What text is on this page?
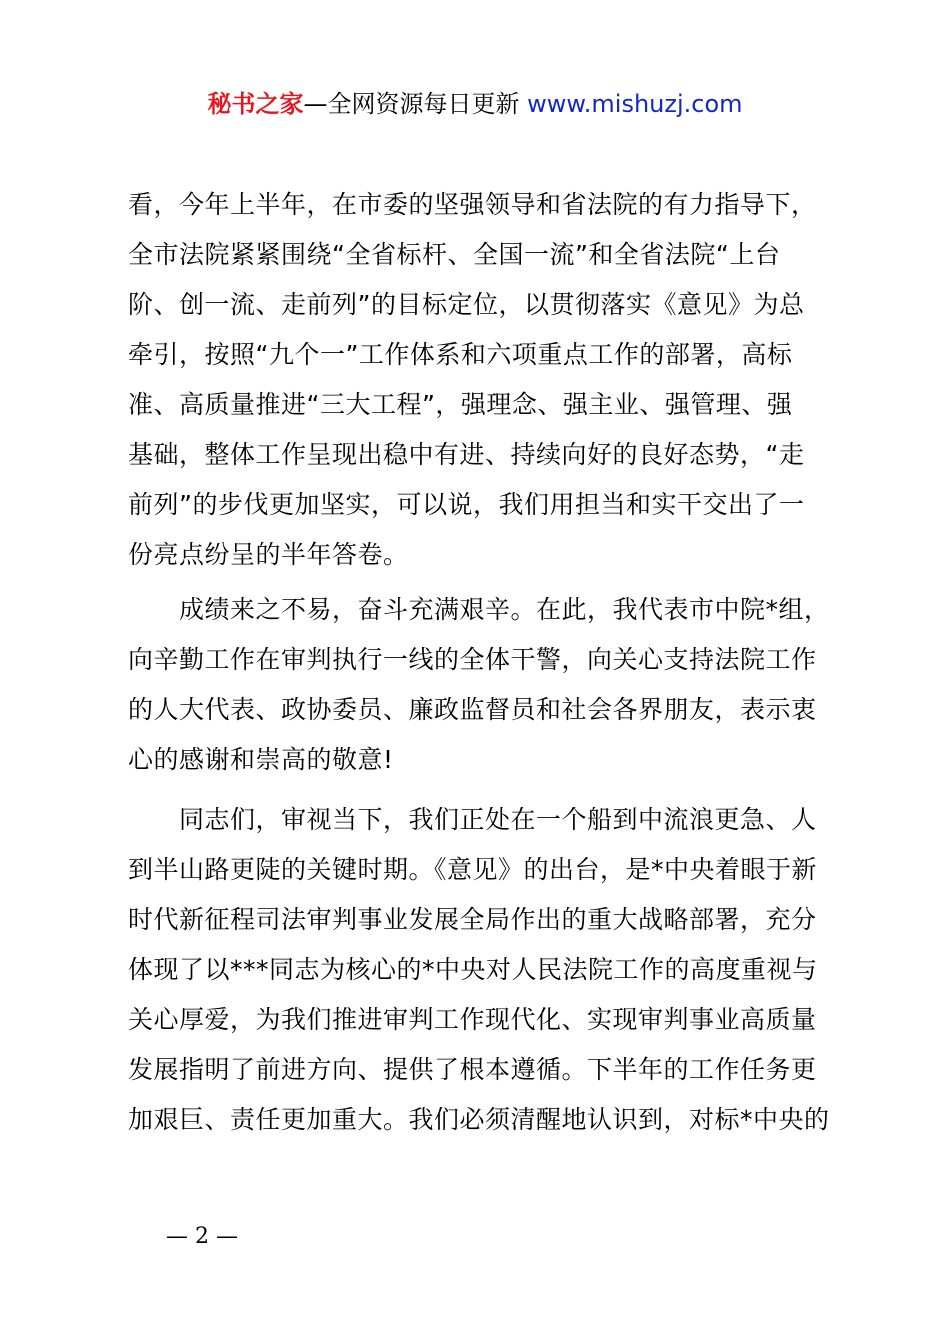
秘书之家—全网资源每日更新 www.mishuzj.com
看，今年上半年，在市委的坚强领导和省法院的有力指导下，
全市法院紧紧围绕“全省标杆、全国一流”和全省法院“上台
阶、创一流、走前列”的目标定位，以贯彻落实《意见》为总
牵引，按照“九个一”工作体系和六项重点工作的部署，高标
准、高质量推进“三大工程”，强理念、强主业、强管理、强
基础，整体工作呈现出稳中有进、持续向好的良好态势，“走
前列”的步伐更加坚实，可以说，我们用担当和实干交出了一
份亮点纷呈的半年答卷。
　　成绩来之不易，奋斗充满艰辛。在此，我代表市中院*组，
向辛勤工作在审判执行一线的全体干警，向关心支持法院工作
的人大代表、政协委员、廉政监督员和社会各界朋友，表示衷
心的感谢和崇高的敬意!
　　同志们，审视当下，我们正处在一个船到中流浪更急、人
到半山路更陡的关键时期。《意见》的出台，是*中央着眼于新
时代新征程司法审判事业发展全局作出的重大战略部署，充分
体现了以***同志为核心的*中央对人民法院工作的高度重视与
关心厚爱，为我们推进审判工作现代化、实现审判事业高质量
发展指明了前进方向、提供了根本遵循。下半年的工作任务更
加艰巨、责任更加重大。我们必须清醒地认识到，对标*中央的
— 2 —
